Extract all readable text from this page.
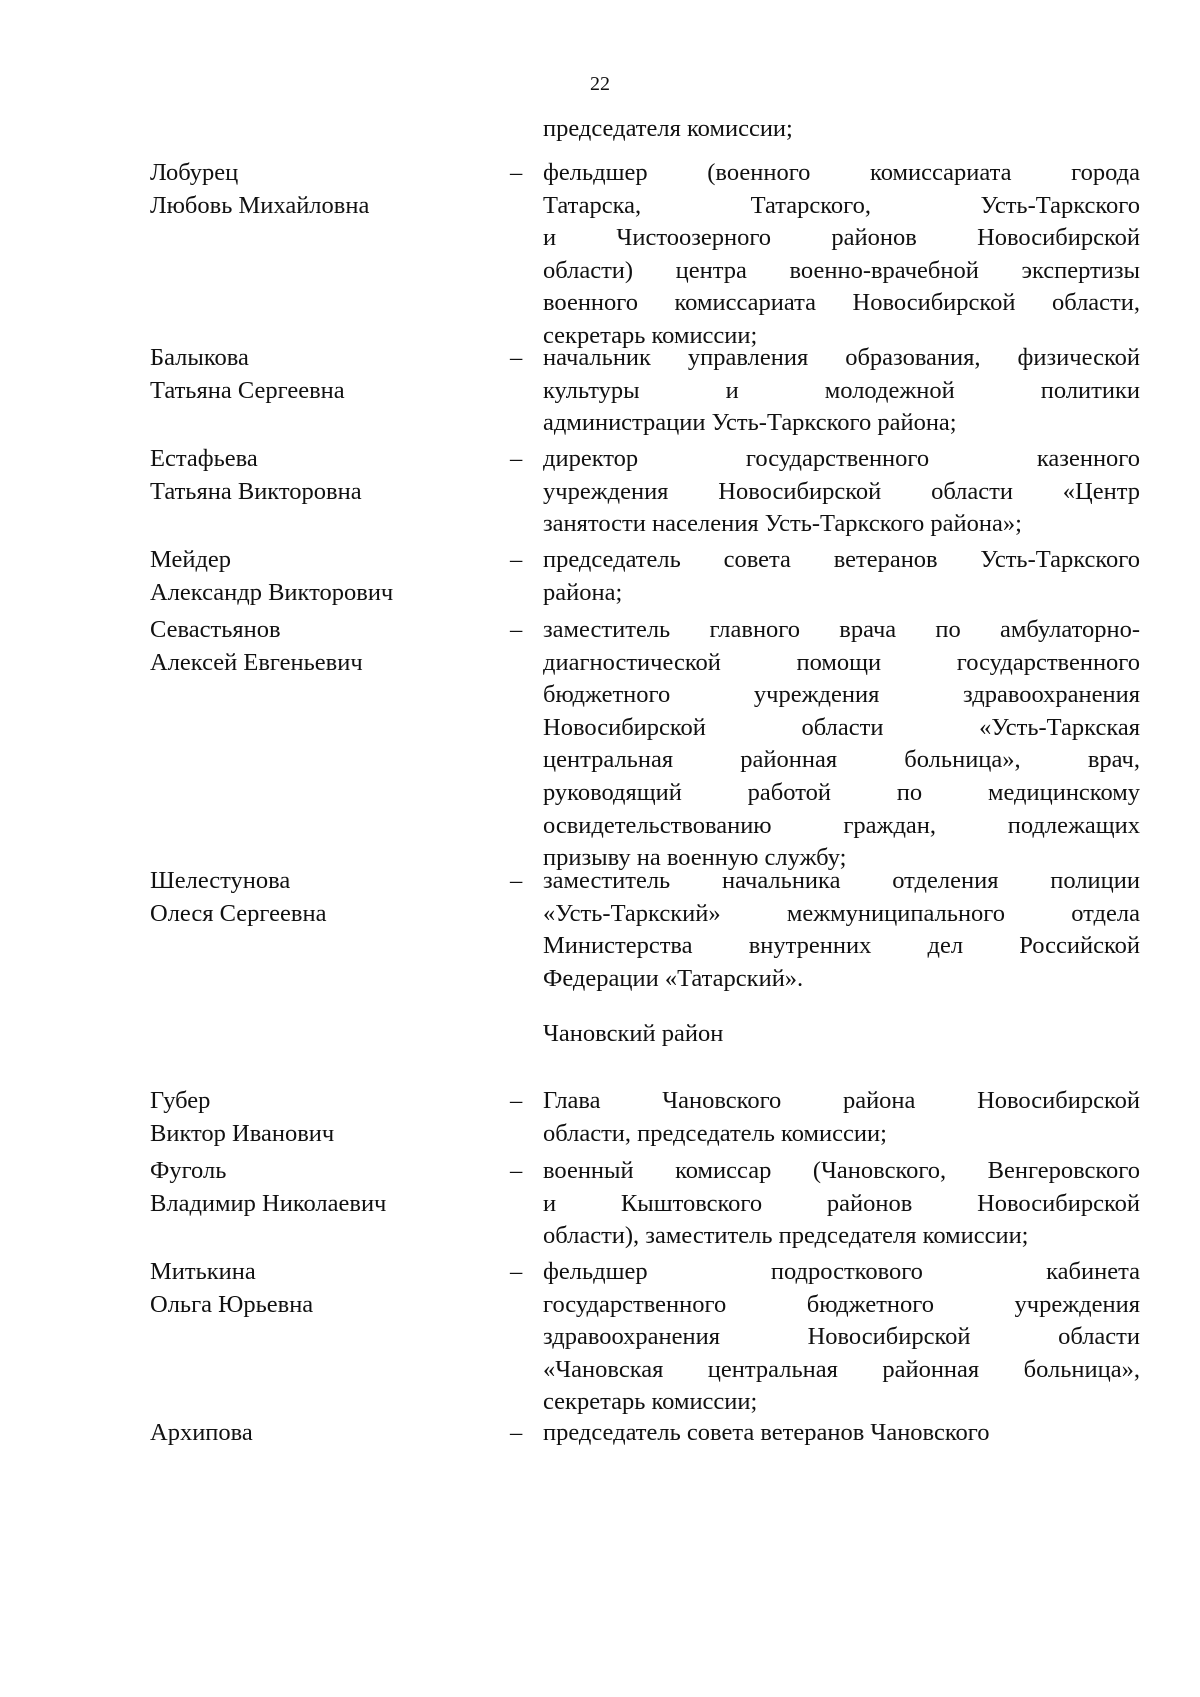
22

председателя комиссии;

Лобурец
Любовь Михайловна

– фельдшер (военного комиссариата города
Татарска, Татарского, Усть-Таркского
и Чистоозерного районов Новосибирской
области) центра военно-врачебной экспертизы
военного комиссариата Новосибирской области,
секретарь комиссии;

Балыкова
Татьяна Сергеевна

– начальник управления образования, физической
культуры и молодежной политики
администрации Усть-Таркского района;

Естафьева
Татьяна Викторовна

– директор государственного казенного
учреждения Новосибирской области «Центр
занятости населения Усть-Таркского района»;

Мейдер
Александр Викторович

– председатель совета ветеранов Усть-Таркского
района;

Севастьянов
Алексей Евгеньевич

– заместитель главного врача по амбулаторно-
диагностической помощи государственного
бюджетного учреждения здравоохранения
Новосибирской области «Усть-Таркская
центральная районная больница», врач,
руководящий работой по медицинскому
освидетельствованию граждан, подлежащих
призыву на военную службу;

Шелестунова
Олеся Сергеевна

– заместитель начальника отделения полиции
«Усть-Таркский» межмуниципального отдела
Министерства внутренних дел Российской
Федерации «Татарский».

Чановский район

Губер
Виктор Иванович

– Глава Чановского района Новосибирской
области, председатель комиссии;

Фуголь
Владимир Николаевич

– военный комиссар (Чановского, Венгеровского
и Кыштовского районов Новосибирской
области), заместитель председателя комиссии;

Митькина
Ольга Юрьевна

– фельдшер подросткового кабинета
государственного бюджетного учреждения
здравоохранения Новосибирской области
«Чановская центральная районная больница»,
секретарь комиссии;

Архипова	– председатель совета ветеранов Чановского
